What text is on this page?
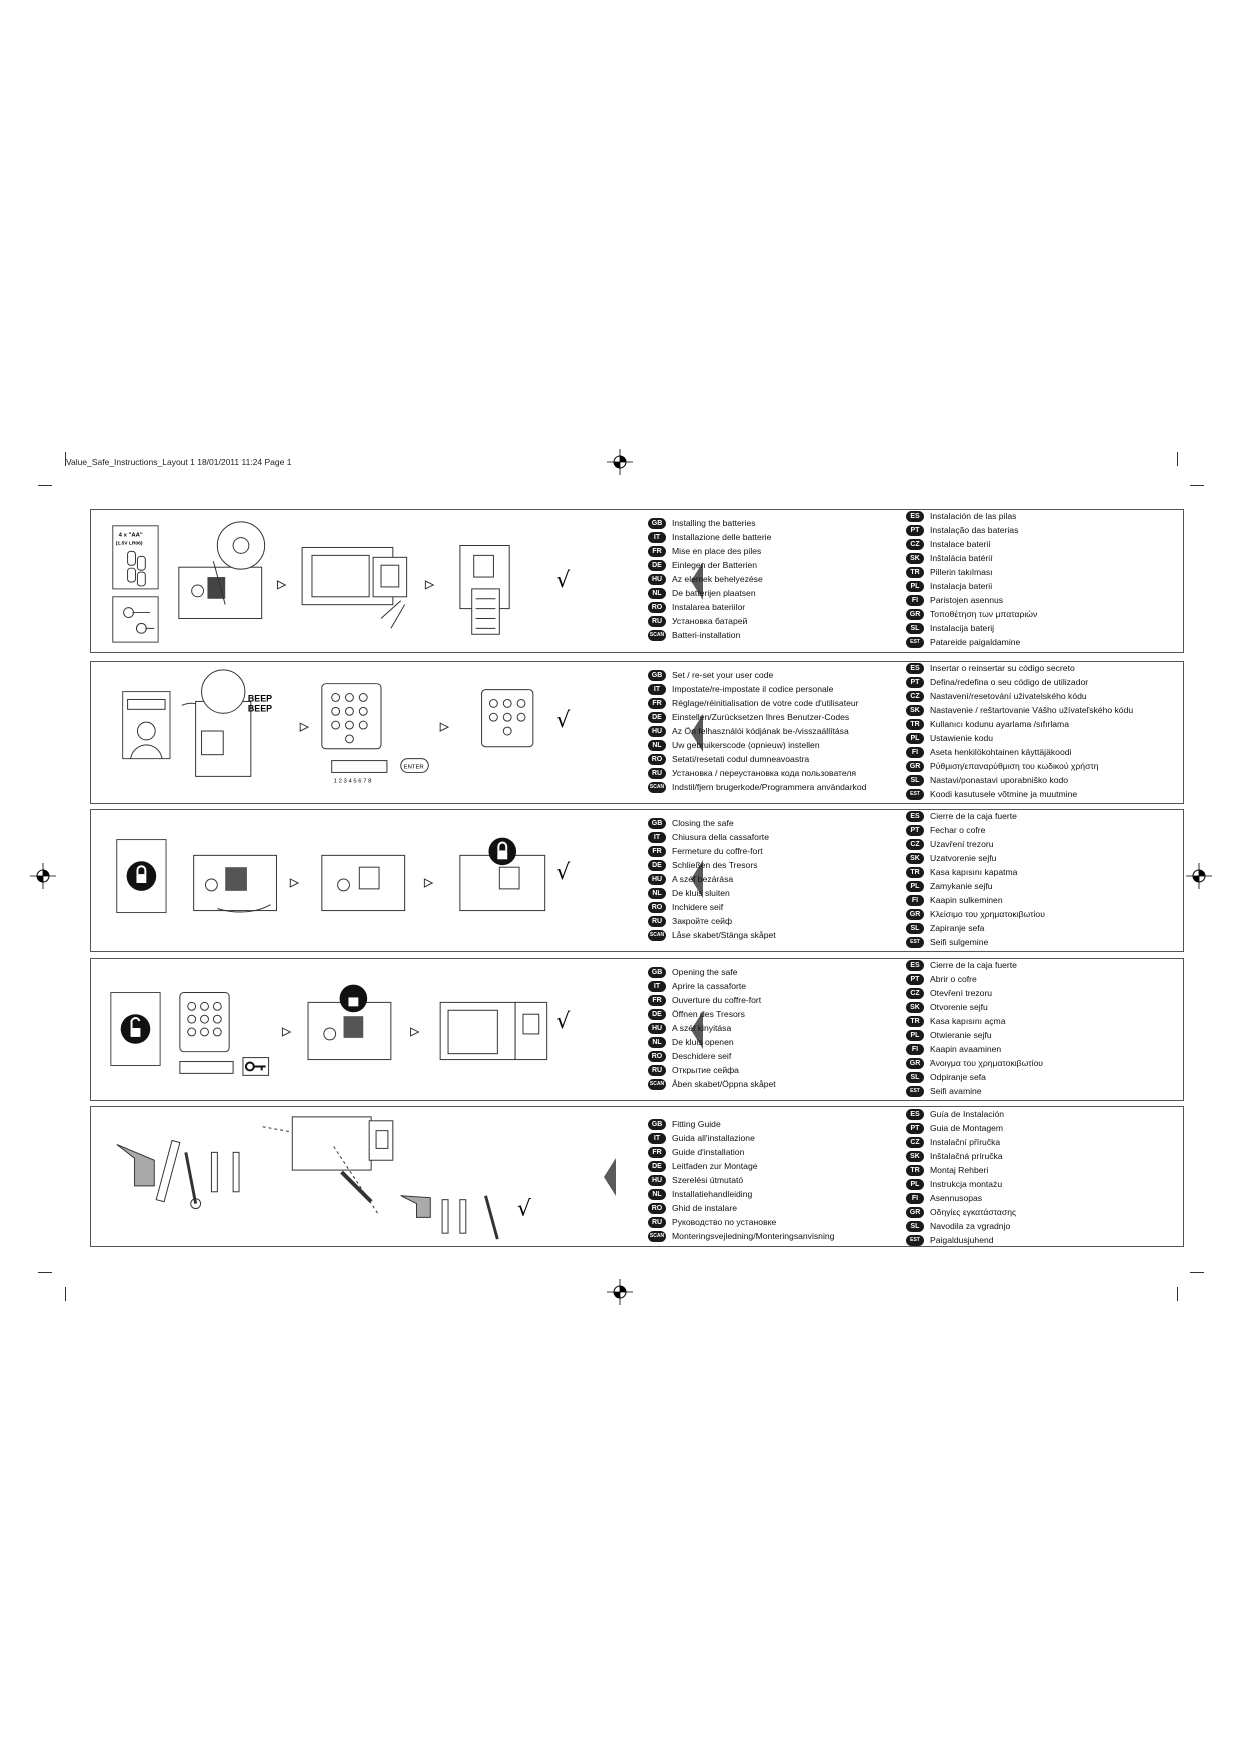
Value_Safe_Instructions_Layout 1 18/01/2011 11:24 Page 1
4 x "AA"
(1.5V LR06)
√
GB	Installing the batteries
IT	Installazione delle batterie
FR	Mise en place des piles
DE	Einlegen der Batterien
HU	Az elemek behelyezése
NL	De batterijen plaatsen
RO	Instalarea bateriilor
RU	Установка батарей
SCAN Batteri-installation
ES	Instalación de las pilas
PT	Instalação das baterias
CZ	Instalace baterií
SK	Inštalácia batérií
TR	Pillerin takılması
PL	Instalacja baterii
FI	Paristojen asennus
GR	Τοποθέτηση των μπαταριών
SL	Instalacija baterij
EST	Patareide paigaldamine
BEEP
BEEP
1 2 3 4 5 6 7 8
ENTER
√
GB	Set / re-set your user code
IT	Impostate/re-impostate il codice personale
FR	Réglage/réinitialisation de votre code d'utilisateur
DE	Einstellen/Zurücksetzen Ihres Benutzer-Codes
HU	Az Ön felhasználói kódjának be-/visszaállítása
NL	Uw gebruikerscode (opnieuw) instellen
RO	Setati/resetati codul dumneavoastra
RU	Установка / переустановка кода пользователя
SCAN Indstil/fjern brugerkode/Programmera användarkod
ES	Insertar o reinsertar su código secreto
PT	Defina/redefina o seu código de utilizador
CZ	Nastavení/resetování uživatelského kódu
SK	Nastavenie / reštartovanie Vášho užívateľského kódu
TR	Kullanıcı kodunu ayarlama /sıfırlama
PL	Ustawienie kodu
FI	Aseta henkilökohtainen käyttäjäkoodi
GR	Ρύθμιση/επαναρύθμιση του κωδικού χρήστη
SL	Nastavi/ponastavi uporabniško kodo
EST	Koodi kasutusele võtmine ja muutmine
√
GB	Closing the safe
IT	Chiusura della cassaforte
FR	Fermeture du coffre-fort
DE	Schließen des Tresors
HU	A széf bezárása
NL	De kluis sluiten
RO	Inchidere seif
RU	Закройте сейф
SCAN Låse skabet/Stänga skåpet
ES	Cierre de la caja fuerte
PT	Fechar o cofre
CZ	Uzavření trezoru
SK	Uzatvorenie sejfu
TR	Kasa kapısını kapatma
PL	Zamykanie sejfu
FI	Kaapin sulkeminen
GR	Κλείσιμο του χρηματοκιβωτίου
SL	Zapiranje sefa
EST	Seifi sulgemine
√
GB	Opening the safe
IT	Aprire la cassaforte
FR	Ouverture du coffre-fort
DE	Öffnen des Tresors
HU	A széf kinyitása
NL	De kluis openen
RO	Deschidere seif
RU	Откpытие сейфа
SCAN Åben skabet/Öppna skåpet
ES	Cierre de la caja fuerte
PT	Abrir o cofre
CZ	Otevření trezoru
SK	Otvorenie sejfu
TR	Kasa kapısını açma
PL	Otwieranie sejfu
FI	Kaapin avaaminen
GR	Άνοιγμα του χρηματοκιβωτίου
SL	Odpiranje sefa
EST	Seifi avamine
√
GB	Fitting Guide
IT	Guida all'installazione
FR	Guide d'installation
DE	Leitfaden zur Montage
HU	Szerelési útmutató
NL	Installatiehandleiding
RO	Ghid de instalare
RU	Руководство по установке
SCAN Monteringsvejledning/Monteringsanvisning
ES	Guía de Instalación
PT	Guia de Montagem
CZ	Instalační příručka
SK	Inštalačná príručka
TR	Montaj Rehberi
PL	Instrukcja montażu
FI	Asennusopas
GR	Οδηγίες εγκατάστασης
SL	Navodila za vgradnjo
EST	Paigaldusjuhend
